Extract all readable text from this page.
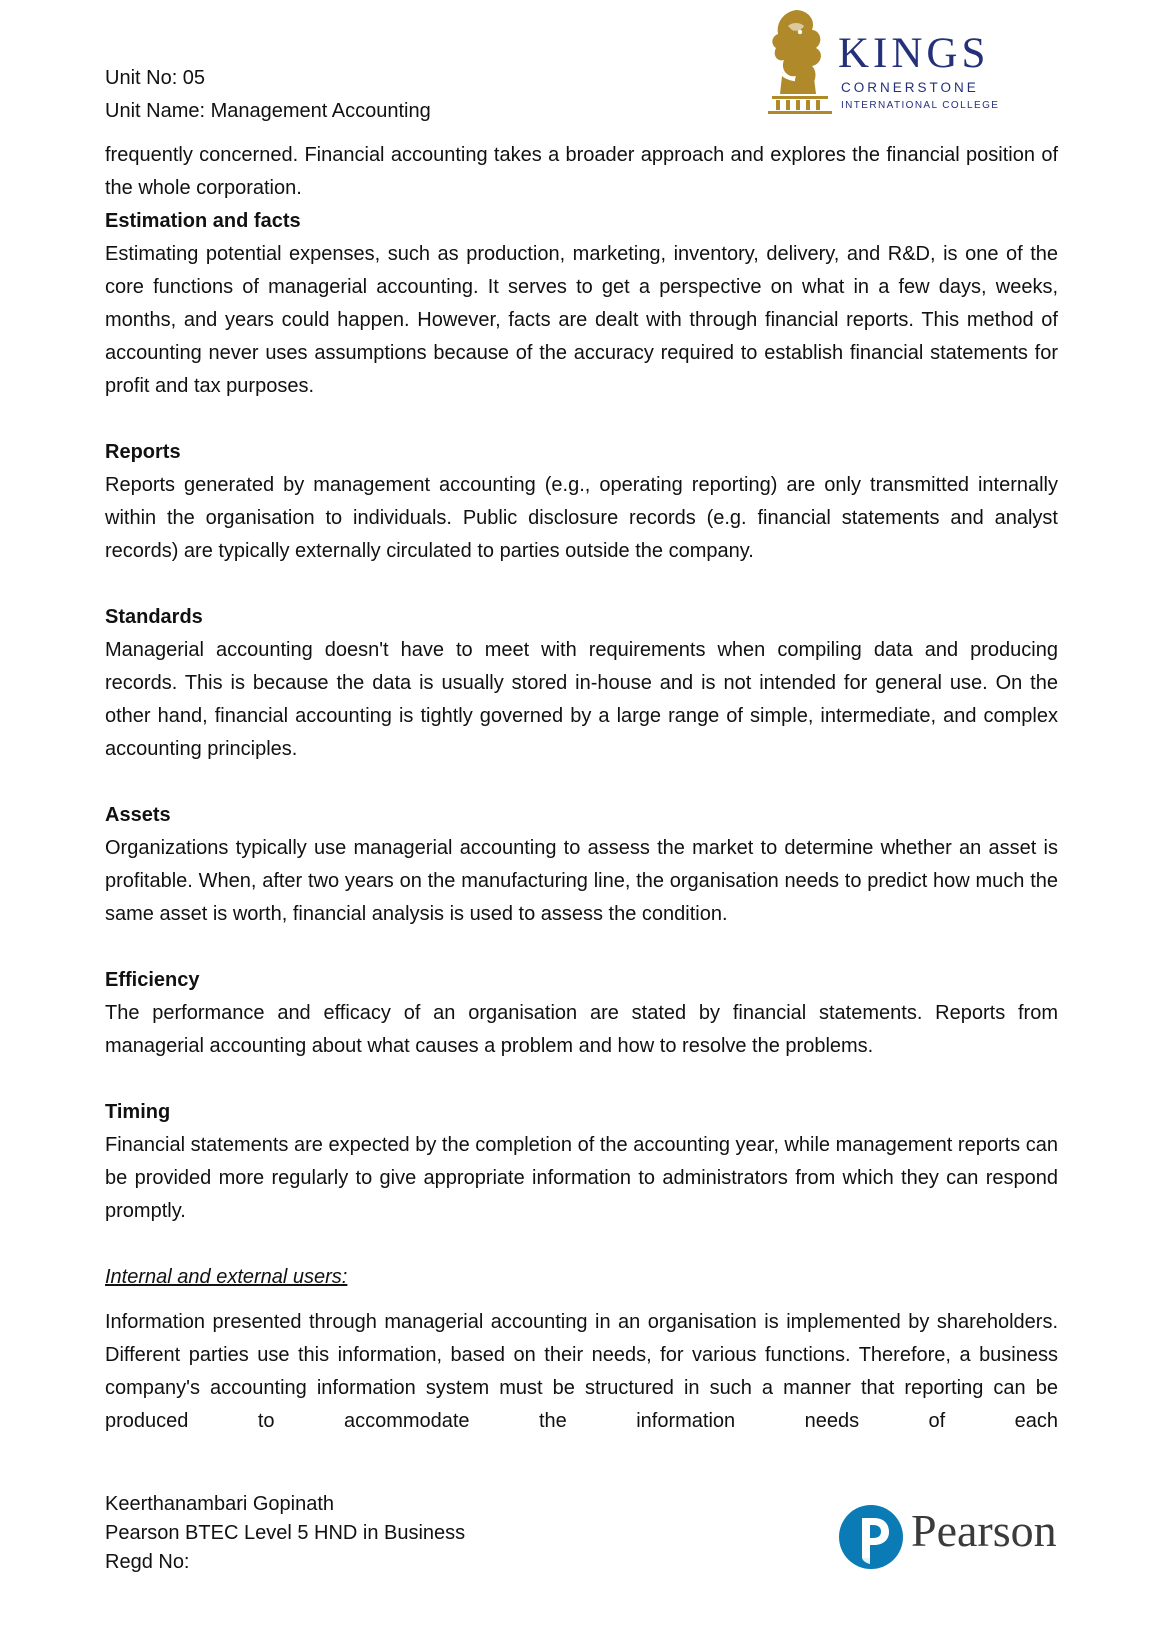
Unit No: 05
Unit Name: Management Accounting
KINGS
CORNERSTONE
INTERNATIONAL COLLEGE

frequently concerned. Financial accounting takes a broader approach and explores the financial position of the whole corporation.

Estimation and facts

Estimating potential expenses, such as production, marketing, inventory, delivery, and R&D, is one of the core functions of managerial accounting. It serves to get a perspective on what in a few days, weeks, months, and years could happen. However, facts are dealt with through financial reports. This method of accounting never uses assumptions because of the accuracy required to establish financial statements for profit and tax purposes.

Reports

Reports generated by management accounting (e.g., operating reporting) are only transmitted internally within the organisation to individuals. Public disclosure records (e.g. financial statements and analyst records) are typically externally circulated to parties outside the company.

Standards

Managerial accounting doesn't have to meet with requirements when compiling data and producing records. This is because the data is usually stored in-house and is not intended for general use. On the other hand, financial accounting is tightly governed by a large range of simple, intermediate, and complex accounting principles.

Assets

Organizations typically use managerial accounting to assess the market to determine whether an asset is profitable. When, after two years on the manufacturing line, the organisation needs to predict how much the same asset is worth, financial analysis is used to assess the condition.

Efficiency

The performance and efficacy of an organisation are stated by financial statements. Reports from managerial accounting about what causes a problem and how to resolve the problems.

Timing

Financial statements are expected by the completion of the accounting year, while management reports can be provided more regularly to give appropriate information to administrators from which they can respond promptly.

Internal and external users:

Information presented through managerial accounting in an organisation is implemented by shareholders. Different parties use this information, based on their needs, for various functions. Therefore, a business company's accounting information system must be structured in such a manner that reporting can be produced to accommodate the information needs of each

Keerthanambari Gopinath
Pearson BTEC Level 5 HND in Business
Regd No:
Pearson
